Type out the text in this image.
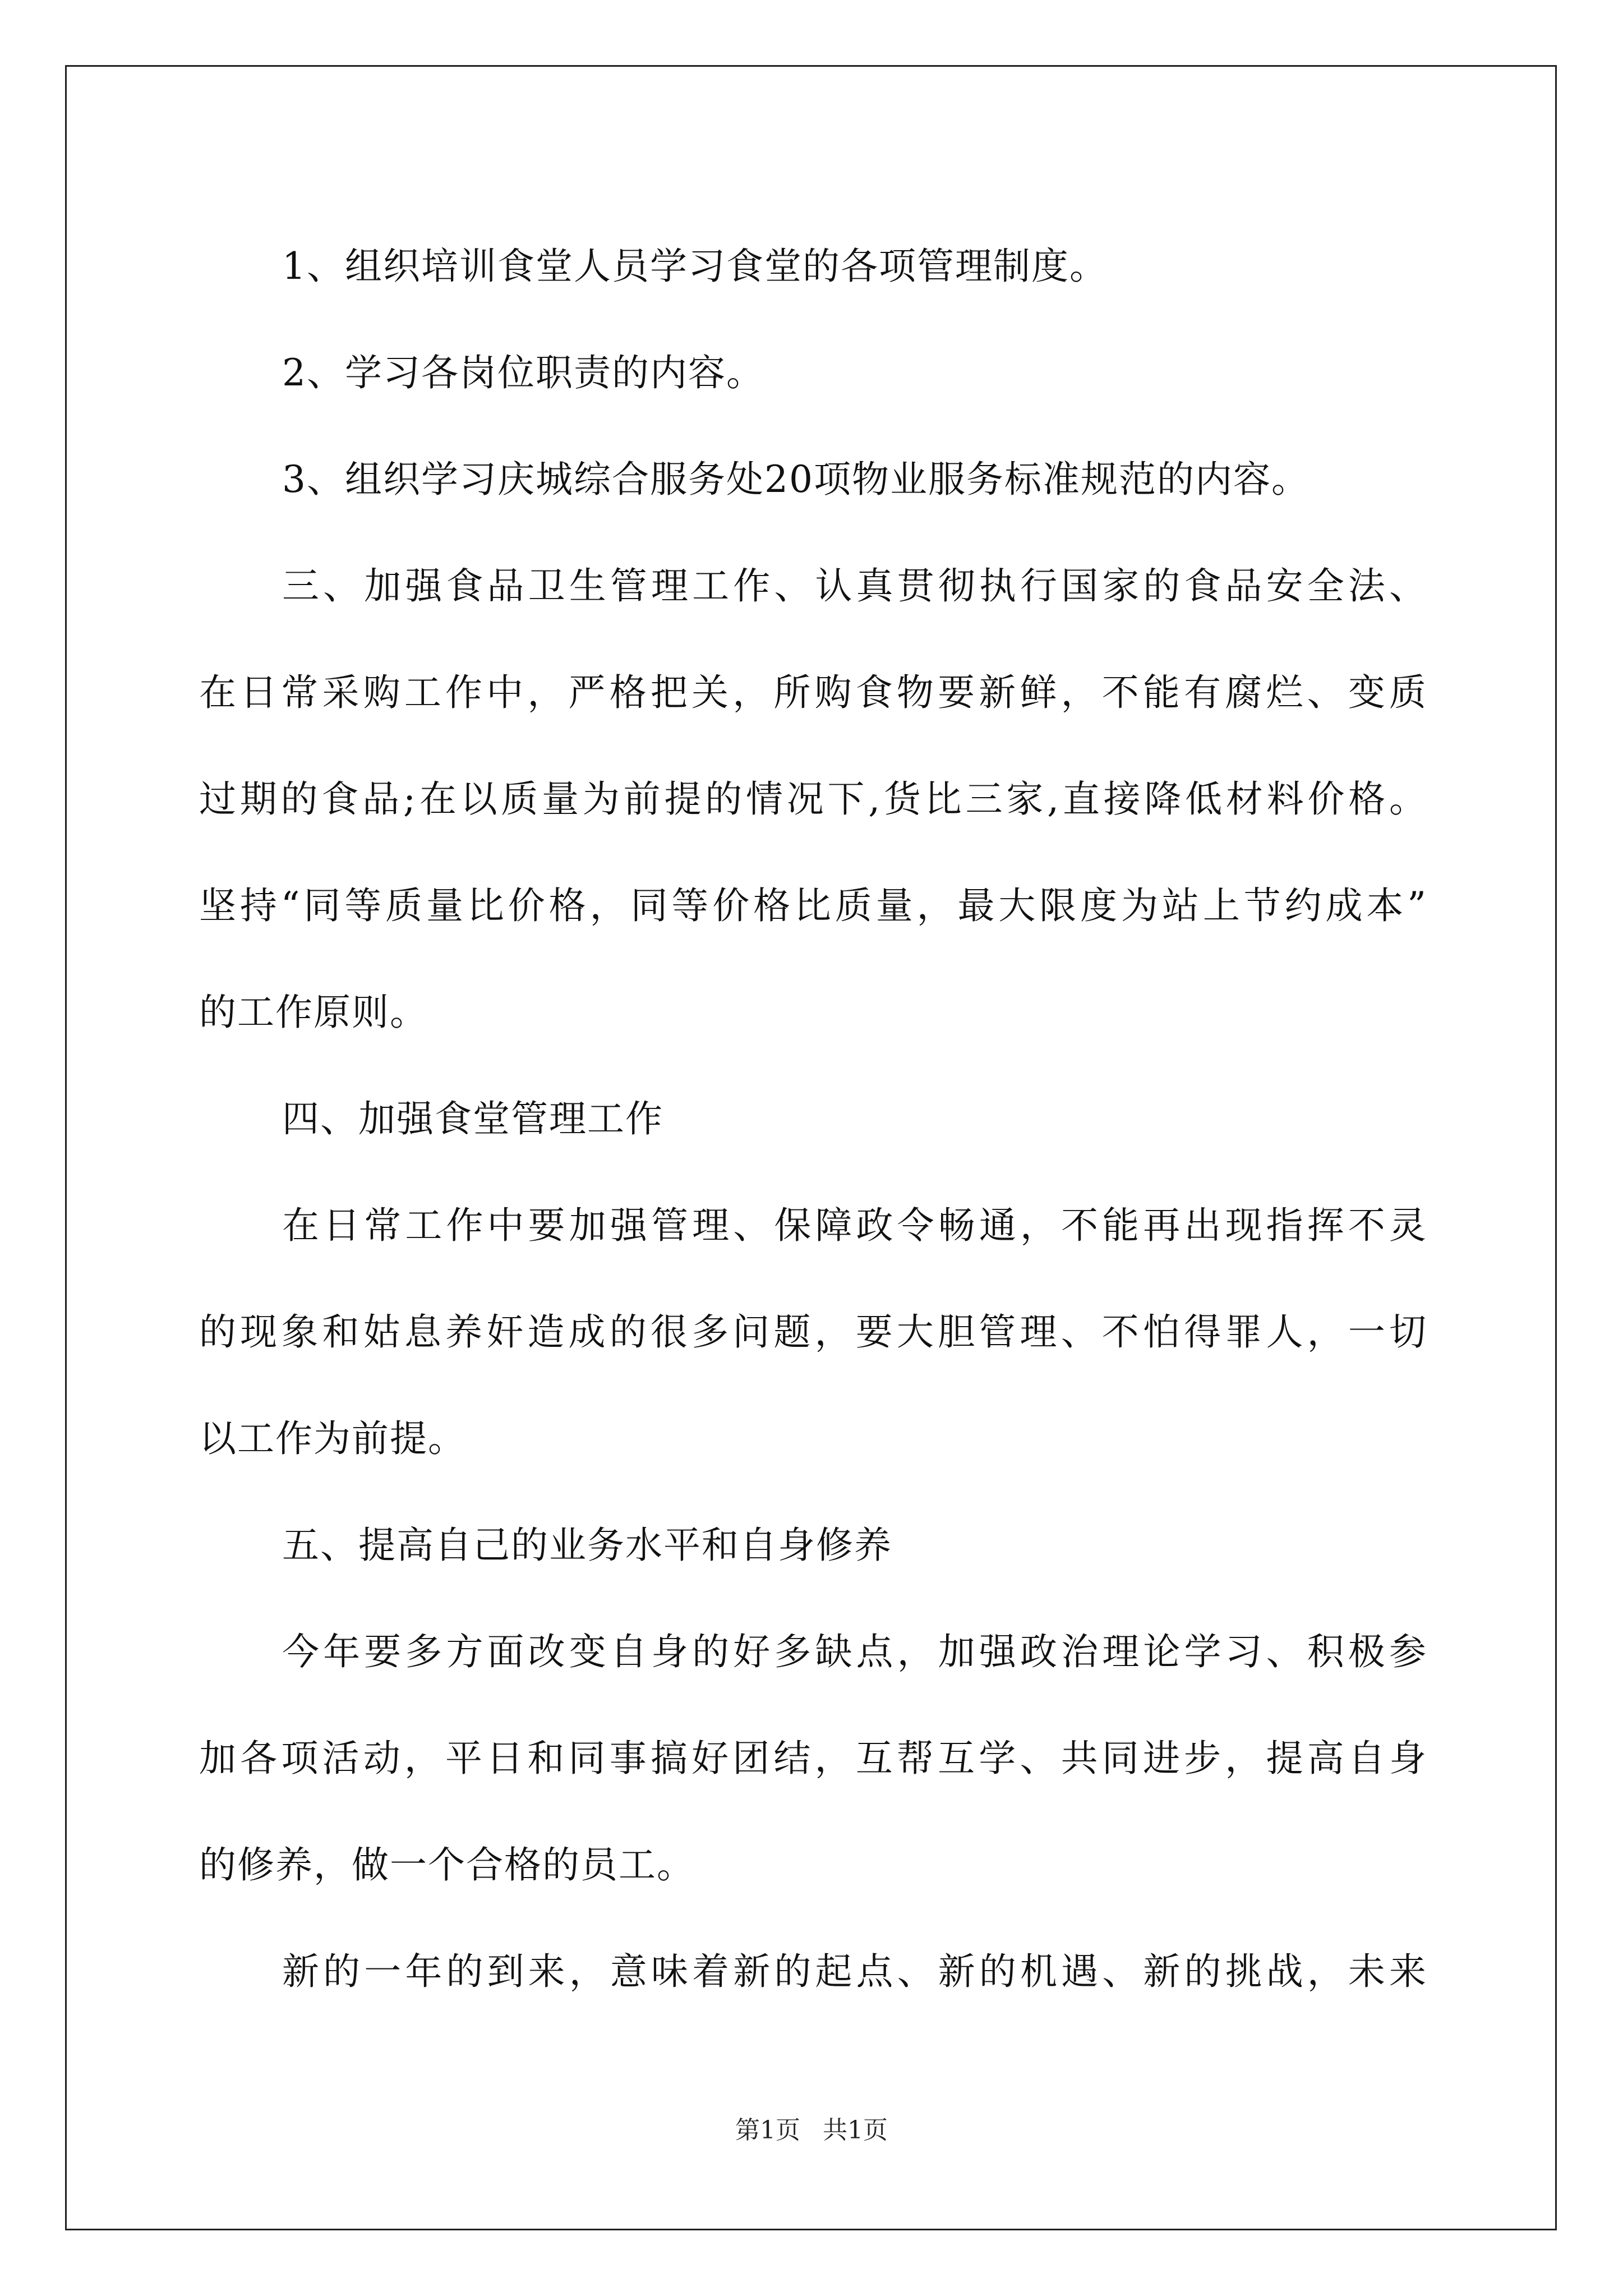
1、组织培训食堂人员学习食堂的各项管理制度。
2、学习各岗位职责的内容。
3、组织学习庆城综合服务处20项物业服务标准规范的内容。
三、加强食品卫生管理工作、认真贯彻执行国家的食品安全法、
在日常采购工作中，严格把关，所购食物要新鲜，不能有腐烂、变质
过期的食品;在以质量为前提的情况下,货比三家,直接降低材料价格。
坚持“同等质量比价格，同等价格比质量，最大限度为站上节约成本”
的工作原则。
四、加强食堂管理工作
在日常工作中要加强管理、保障政令畅通，不能再出现指挥不灵
的现象和姑息养奸造成的很多问题，要大胆管理、不怕得罪人，一切
以工作为前提。
五、提高自己的业务水平和自身修养
今年要多方面改变自身的好多缺点，加强政治理论学习、积极参
加各项活动，平日和同事搞好团结，互帮互学、共同进步，提高自身
的修养，做一个合格的员工。
新的一年的到来，意味着新的起点、新的机遇、新的挑战，未来
第1页 共1页
